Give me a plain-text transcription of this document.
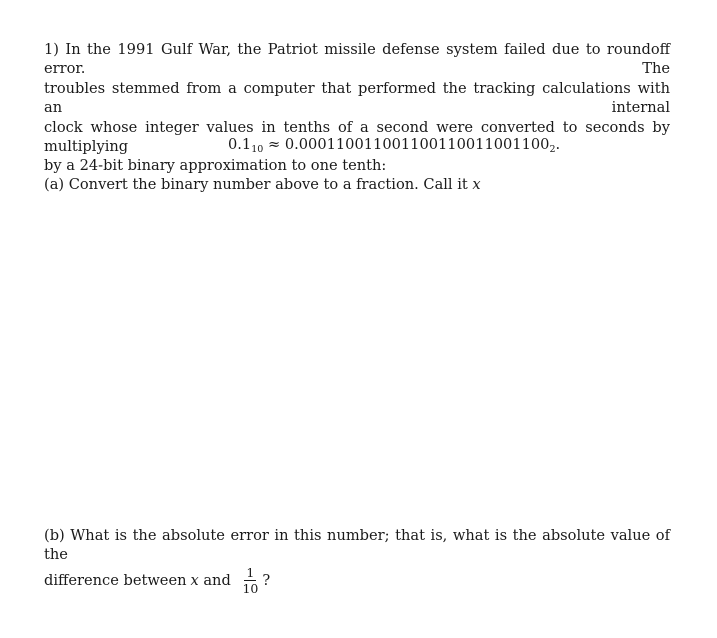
1) In the 1991 Gulf War, the Patriot missile defense system failed due to roundoff error. The
troubles stemmed from a computer that performed the tracking calculations with an internal
clock whose integer values in tenths of a second were converted to seconds by multiplying
by a 24-bit binary approximation to one tenth:

$0.1_{10} \approx 0.000110011001100110011001100_2$.
(a) Convert the binary number above to a fraction. Call it x
(b) What is the absolute error in this number; that is, what is the absolute value of the
difference between x and $\frac{1}{10}$ ?
